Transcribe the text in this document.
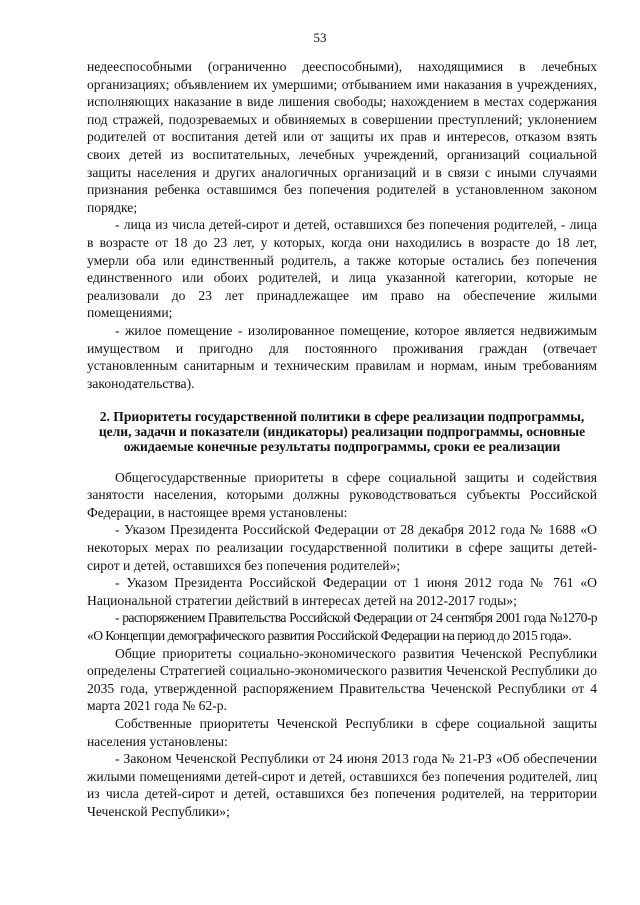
53

недееспособными (ограниченно дееспособными), находящимися в лечебных организациях; объявлением их умершими; отбыванием ими наказания в учреждениях, исполняющих наказание в виде лишения свободы; нахождением в местах содержания под стражей, подозреваемых и обвиняемых в совершении преступлений; уклонением родителей от воспитания детей или от защиты их прав и интересов, отказом взять своих детей из воспитательных, лечебных учреждений, организаций социальной защиты населения и других аналогичных организаций и в связи с иными случаями признания ребенка оставшимся без попечения родителей в установленном законом порядке;

- лица из числа детей-сирот и детей, оставшихся без попечения родителей, - лица в возрасте от 18 до 23 лет, у которых, когда они находились в возрасте до 18 лет, умерли оба или единственный родитель, а также которые остались без попечения единственного или обоих родителей, и лица указанной категории, которые не реализовали до 23 лет принадлежащее им право на обеспечение жилыми помещениями;

- жилое помещение - изолированное помещение, которое является недвижимым имуществом и пригодно для постоянного проживания граждан (отвечает установленным санитарным и техническим правилам и нормам, иным требованиям законодательства).

2. Приоритеты государственной политики в сфере реализации подпрограммы, цели, задачи и показатели (индикаторы) реализации подпрограммы, основные ожидаемые конечные результаты подпрограммы, сроки ее реализации

Общегосударственные приоритеты в сфере социальной защиты и содействия занятости населения, которыми должны руководствоваться субъекты Российской Федерации, в настоящее время установлены:

- Указом Президента Российской Федерации от 28 декабря 2012 года № 1688 «О некоторых мерах по реализации государственной политики в сфере защиты детей-сирот и детей, оставшихся без попечения родителей»;

- Указом Президента Российской Федерации от 1 июня 2012 года № 761 «О Национальной стратегии действий в интересах детей на 2012-2017 годы»;

- распоряжением Правительства Российской Федерации от 24 сентября 2001 года №1270-р «О Концепции демографического развития Российской Федерации на период до 2015 года».

Общие приоритеты социально-экономического развития Чеченской Республики определены Стратегией социально-экономического развития Чеченской Республики до 2035 года, утвержденной распоряжением Правительства Чеченской Республики от 4 марта 2021 года № 62-р.

Собственные приоритеты Чеченской Республики в сфере социальной защиты населения установлены:

- Законом Чеченской Республики от 24 июня 2013 года № 21-РЗ «Об обеспечении жилыми помещениями детей-сирот и детей, оставшихся без попечения родителей, лиц из числа детей-сирот и детей, оставшихся без попечения родителей, на территории Чеченской Республики»;
